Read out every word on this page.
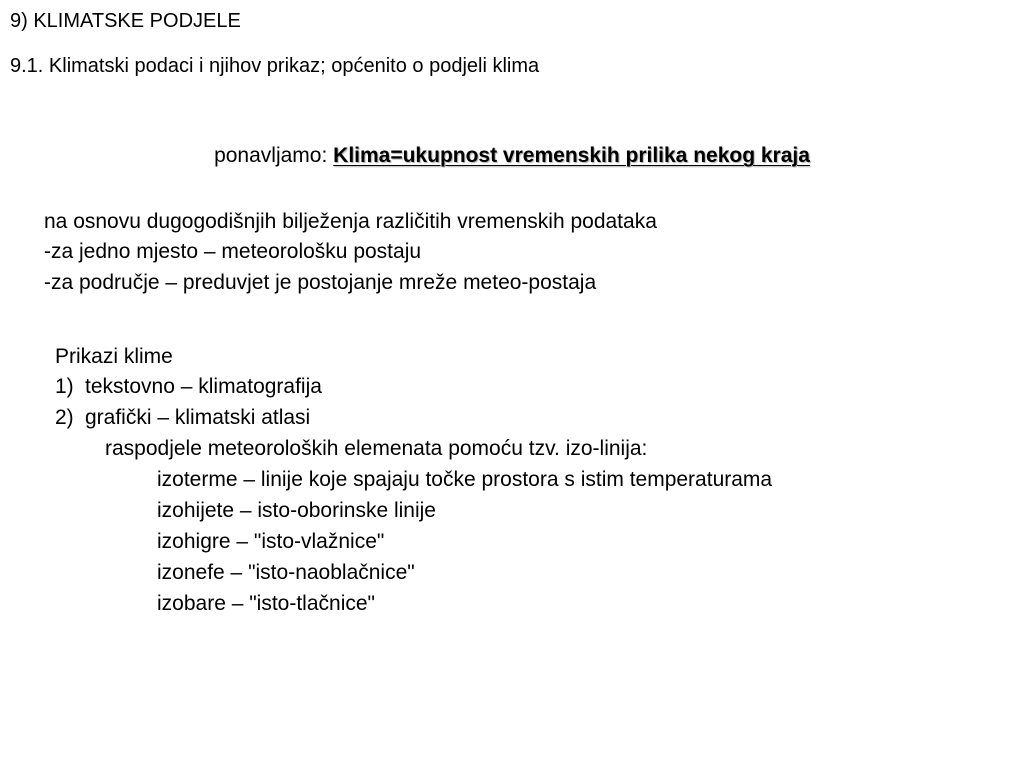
9) KLIMATSKE PODJELE
9.1. Klimatski podaci i njihov prikaz; općenito o podjeli klima
ponavljamo: Klima=ukupnost vremenskih prilika nekog kraja
na osnovu dugogodišnjih bilježenja različitih vremenskih podataka
-za jedno mjesto – meteorološku postaju
-za područje – preduvjet je postojanje mreže meteo-postaja
Prikazi klime
1) tekstovno – klimatografija
2) grafički – klimatski atlasi
raspodjele meteoroloških elemenata pomoću tzv. izo-linija:
izoterme – linije koje spajaju točke prostora s istim temperaturama
izohijete – isto-oborinske linije
izohigre – "isto-vlažnice"
izonefe – "isto-naoblačnice"
izobare – "isto-tlačnice"
